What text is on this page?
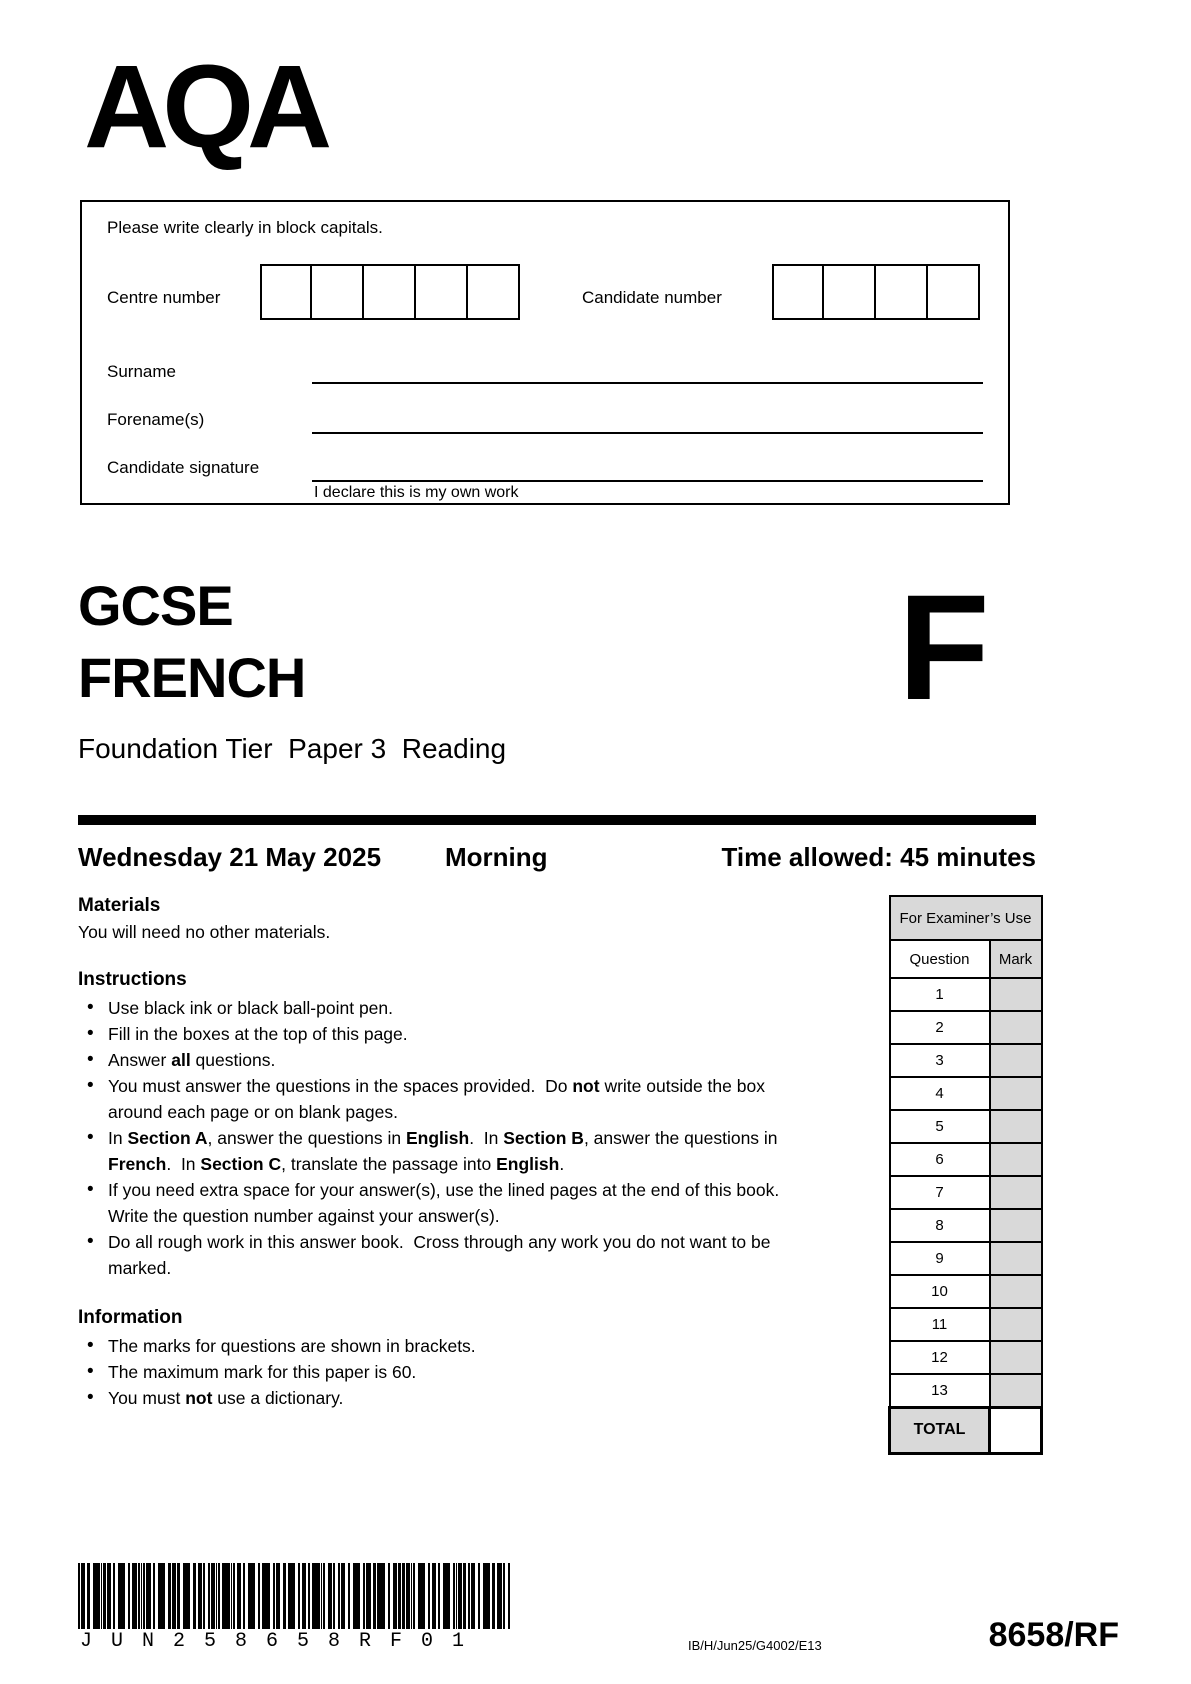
AQA
Please write clearly in block capitals.
Centre number	Candidate number
Surname
Forename(s)
Candidate signature
I declare this is my own work
GCSE
FRENCH
Foundation Tier  Paper 3  Reading
F
Wednesday 21 May 2025 Morning	Time allowed: 45 minutes
Materials

You will need no other materials.

Instructions
• Use black ink or black ball-point pen.
• Fill in the boxes at the top of this page.
• Answer all questions.
• You must answer the questions in the spaces provided.  Do not write outside the box around each page or on blank pages.
• In Section A, answer the questions in English.  In Section B, answer the questions in French.  In Section C, translate the passage into English.
• If you need extra space for your answer(s), use the lined pages at the end of this book.  Write the question number against your answer(s).
• Do all rough work in this answer book.  Cross through any work you do not want to be marked.
Information
• The marks for questions are shown in brackets.
• The maximum mark for this paper is 60.
• You must not use a dictionary.
For Examiner’s Use	
Question	Mark
1	
2	
3	
4	
5	
6	
7	
8	
9	
10	
11	
12	
13	
TOTAL	
JUN258658RF01	IB/H/Jun25/G4002/E13	8658/RF
